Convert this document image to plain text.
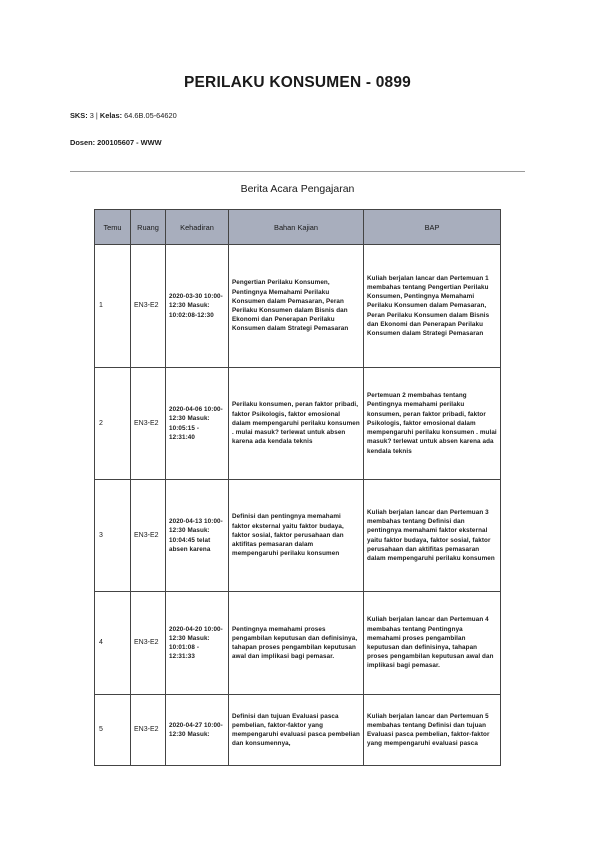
PERILAKU KONSUMEN - 0899
SKS: 3 | Kelas: 64.6B.05-64620
Dosen: 200105607 - WWW
Berita Acara Pengajaran
Temu	Ruang	Kehadiran	Bahan Kajian	BAP
1	EN3-E2	2020-03-30 10:00-12:30 Masuk: 10:02:08-12:30	Pengertian Perilaku Konsumen, Pentingnya Memahami Perilaku Konsumen dalam Pemasaran, Peran Perilaku Konsumen dalam Bisnis dan Ekonomi dan Penerapan Perilaku Konsumen dalam Strategi Pemasaran	Kuliah berjalan lancar dan Pertemuan 1 membahas tentang Pengertian Perilaku Konsumen, Pentingnya Memahami Perilaku Konsumen dalam Pemasaran, Peran Perilaku Konsumen dalam Bisnis dan Ekonomi dan Penerapan Perilaku Konsumen dalam Strategi Pemasaran
2	EN3-E2	2020-04-06 10:00-12:30 Masuk: 10:05:15 - 12:31:40	Perilaku konsumen, peran faktor pribadi, faktor Psikologis, faktor emosional dalam mempengaruhi perilaku konsumen . mulai masuk? terlewat untuk absen karena ada kendala teknis	Pertemuan 2 membahas tentang Pentingnya memahami perilaku konsumen, peran faktor pribadi, faktor Psikologis, faktor emosional dalam mempengaruhi perilaku konsumen . mulai masuk? terlewat untuk absen karena ada kendala teknis
3	EN3-E2	2020-04-13 10:00-12:30 Masuk: 10:04:45 telat absen karena	Definisi dan pentingnya memahami faktor eksternal yaitu faktor budaya, faktor sosial, faktor perusahaan dan aktifitas pemasaran dalam mempengaruhi perilaku konsumen	Kuliah berjalan lancar dan Pertemuan 3 membahas tentang Definisi dan pentingnya memahami faktor eksternal yaitu faktor budaya, faktor sosial, faktor perusahaan dan aktifitas pemasaran dalam mempengaruhi perilaku konsumen
4	EN3-E2	2020-04-20 10:00-12:30 Masuk: 10:01:08 - 12:31:33	Pentingnya memahami proses pengambilan keputusan dan definisinya, tahapan proses pengambilan keputusan awal dan implikasi bagi pemasar.	Kuliah berjalan lancar dan Pertemuan 4 membahas tentang Pentingnya memahami proses pengambilan keputusan dan definisinya, tahapan proses pengambilan keputusan awal dan implikasi bagi pemasar.
5	EN3-E2	2020-04-27 10:00-12:30 Masuk:	Definisi dan tujuan Evaluasi pasca pembelian, faktor-faktor yang mempengaruhi evaluasi pasca pembelian dan konsumennya,	Kuliah berjalan lancar dan Pertemuan 5 membahas tentang Definisi dan tujuan Evaluasi pasca pembelian, faktor-faktor yang mempengaruhi evaluasi pasca
